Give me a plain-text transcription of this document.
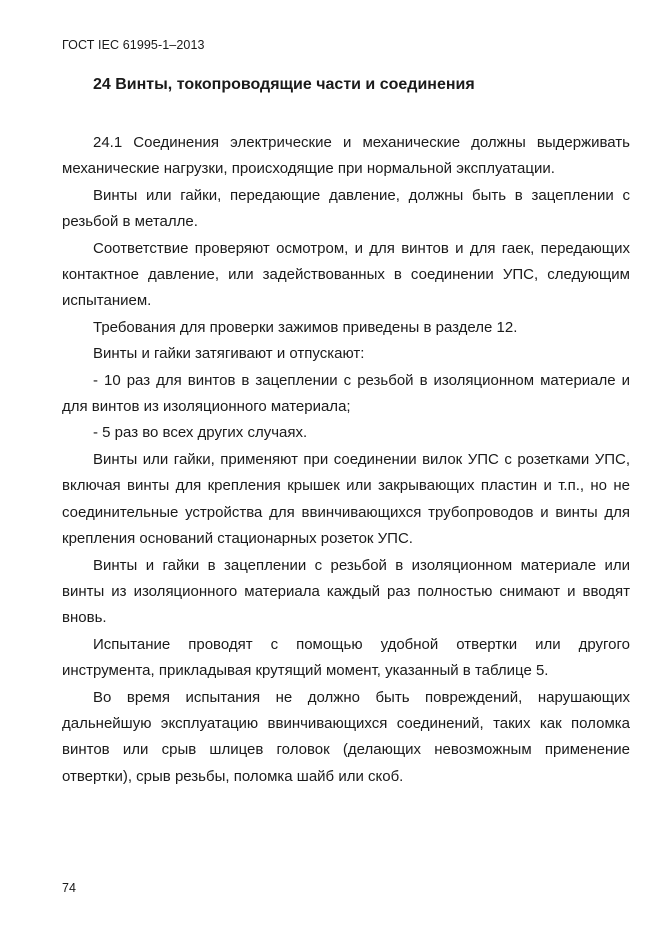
ГОСТ IEC 61995-1–2013
24 Винты, токопроводящие части и соединения

24.1 Соединения электрические и механические должны выдерживать механические нагрузки, происходящие при нормальной эксплуатации.

Винты или гайки, передающие давление, должны быть в зацеплении с резьбой в металле.

Соответствие проверяют осмотром, и для винтов и для гаек, передающих контактное давление, или задействованных в соединении УПС, следующим испытанием.

Требования для проверки зажимов приведены в разделе 12.

Винты и гайки затягивают и отпускают:

- 10 раз для винтов в зацеплении с резьбой в изоляционном материале и для винтов из изоляционного материала;

- 5 раз во всех других случаях.

Винты или гайки, применяют при соединении вилок УПС с розетками УПС, включая винты для крепления крышек или закрывающих пластин и т.п., но не соединительные устройства для ввинчивающихся трубопроводов и винты для крепления оснований стационарных розеток УПС.

Винты и гайки в зацеплении с резьбой в изоляционном материале или винты из изоляционного материала каждый раз полностью снимают и вводят вновь.

Испытание проводят с помощью удобной отвертки или другого инструмента, прикладывая крутящий момент, указанный в таблице 5.

Во время испытания не должно быть повреждений, нарушающих дальнейшую эксплуатацию ввинчивающихся соединений, таких как поломка винтов или срыв шлицев головок (делающих невозможным применение отвертки), срыв резьбы, поломка шайб или скоб.

74
